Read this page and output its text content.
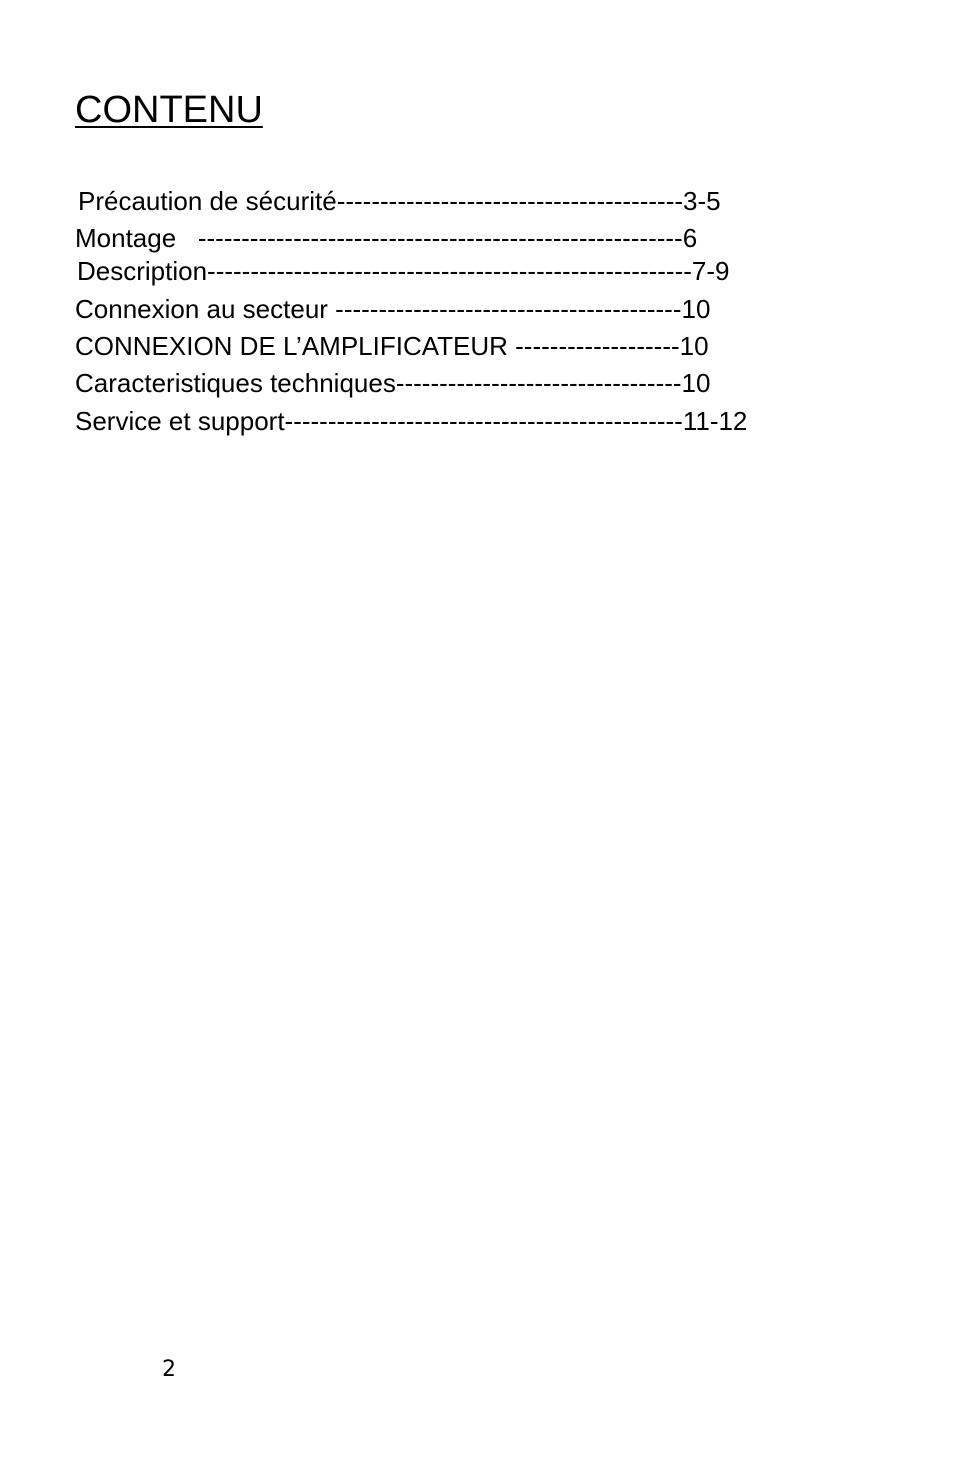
CONTENU
Précaution de sécurité----------------------------------------3-5
Montage   --------------------------------------------------------6
Description--------------------------------------------------------7-9
Connexion au secteur ----------------------------------------10
CONNEXION DE L’AMPLIFICATEUR -------------------10
Caracteristiques techniques---------------------------------10
Service et support----------------------------------------------11-12
2
